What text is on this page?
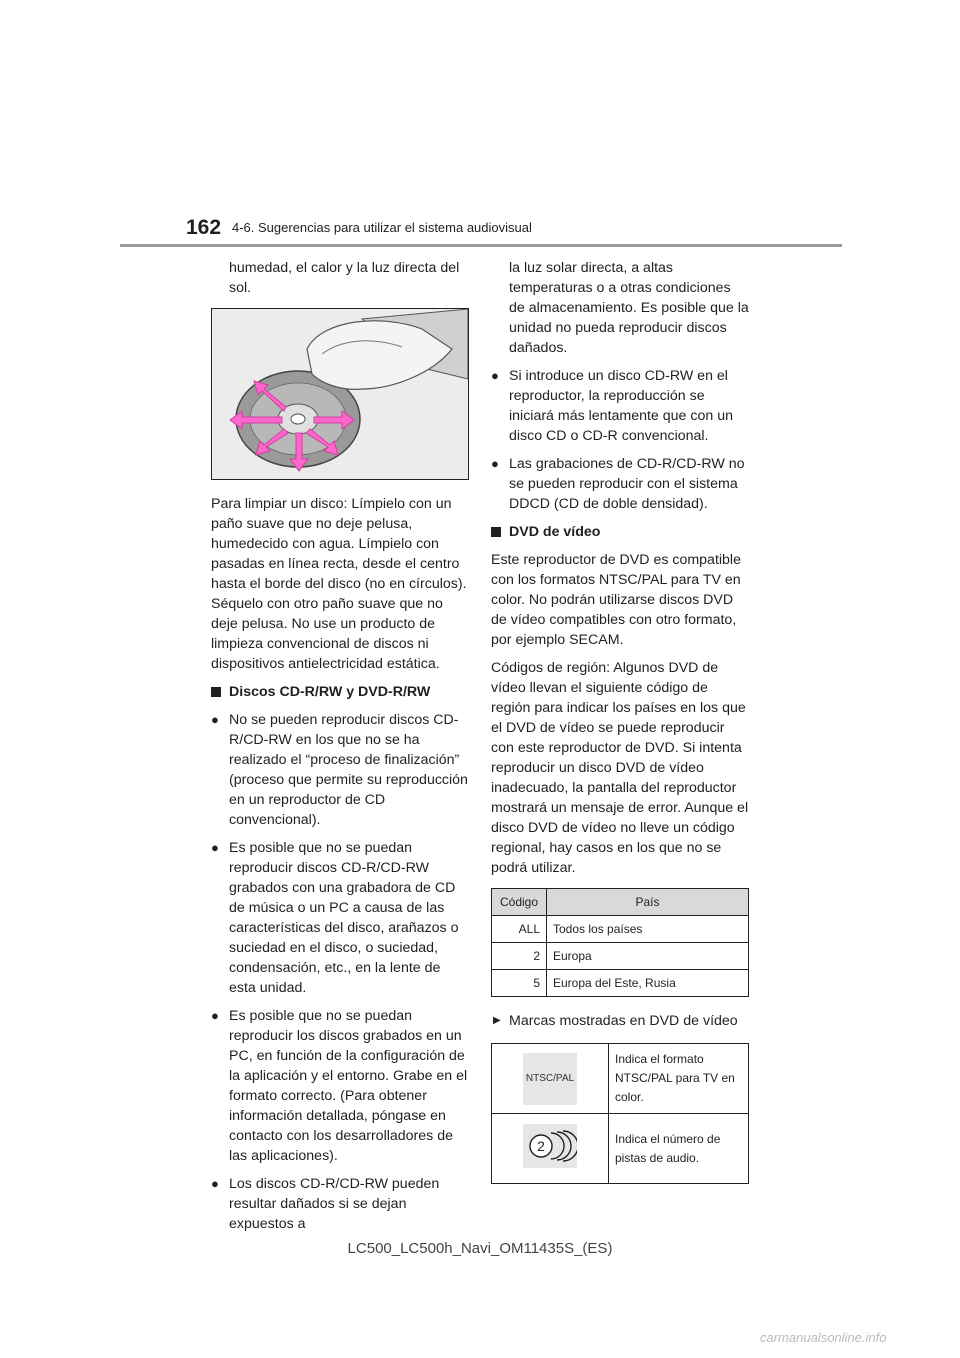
162 4-6. Sugerencias para utilizar el sistema audiovisual

humedad, el calor y la luz directa del sol.

Para limpiar un disco: Límpielo con un paño suave que no deje pelusa, humedecido con agua. Límpielo con pasadas en línea recta, desde el centro hasta el borde del disco (no en círculos). Séquelo con otro paño suave que no deje pelusa. No use un producto de limpieza convencional de discos ni dispositivos antielectricidad estática.

Discos CD-R/RW y DVD-R/RW
● No se pueden reproducir discos CD-R/CD-RW en los que no se ha realizado el “proceso de finalización” (proceso que permite su reproducción en un reproductor de CD convencional).
● Es posible que no se puedan reproducir discos CD-R/CD-RW grabados con una grabadora de CD de música o un PC a causa de las características del disco, arañazos o suciedad en el disco, o suciedad, condensación, etc., en la lente de esta unidad.
● Es posible que no se puedan reproducir los discos grabados en un PC, en función de la configuración de la aplicación y el entorno. Grabe en el formato correcto. (Para obtener información detallada, póngase en contacto con los desarrolladores de las aplicaciones).
● Los discos CD-R/CD-RW pueden resultar dañados si se dejan expuestos a

la luz solar directa, a altas temperaturas o a otras condiciones de almacenamiento. Es posible que la unidad no pueda reproducir discos dañados.

● Si introduce un disco CD-RW en el reproductor, la reproducción se iniciará más lentamente que con un disco CD o CD-R convencional.
● Las grabaciones de CD-R/CD-RW no se pueden reproducir con el sistema DDCD (CD de doble densidad).
DVD de vídeo

Este reproductor de DVD es compatible con los formatos NTSC/PAL para TV en color. No podrán utilizarse discos DVD de vídeo compatibles con otro formato, por ejemplo SECAM.

Códigos de región: Algunos DVD de vídeo llevan el siguiente código de región para indicar los países en los que el DVD de vídeo se puede reproducir con este reproductor de DVD. Si intenta reproducir un disco DVD de vídeo inadecuado, la pantalla del reproductor mostrará un mensaje de error. Aunque el disco DVD de vídeo no lleve un código regional, hay casos en los que no se podrá utilizar.

Código	País
ALL	Todos los países
2	Europa
5	Europa del Este, Rusia
▶ Marcas mostradas en DVD de vídeo
NTSC/PAL	Indica el formato NTSC/PAL para TV en color.

2	Indica el número de pistas de audio.
LC500_LC500h_Navi_OM11435S_(ES)
carmanualsonline.info
